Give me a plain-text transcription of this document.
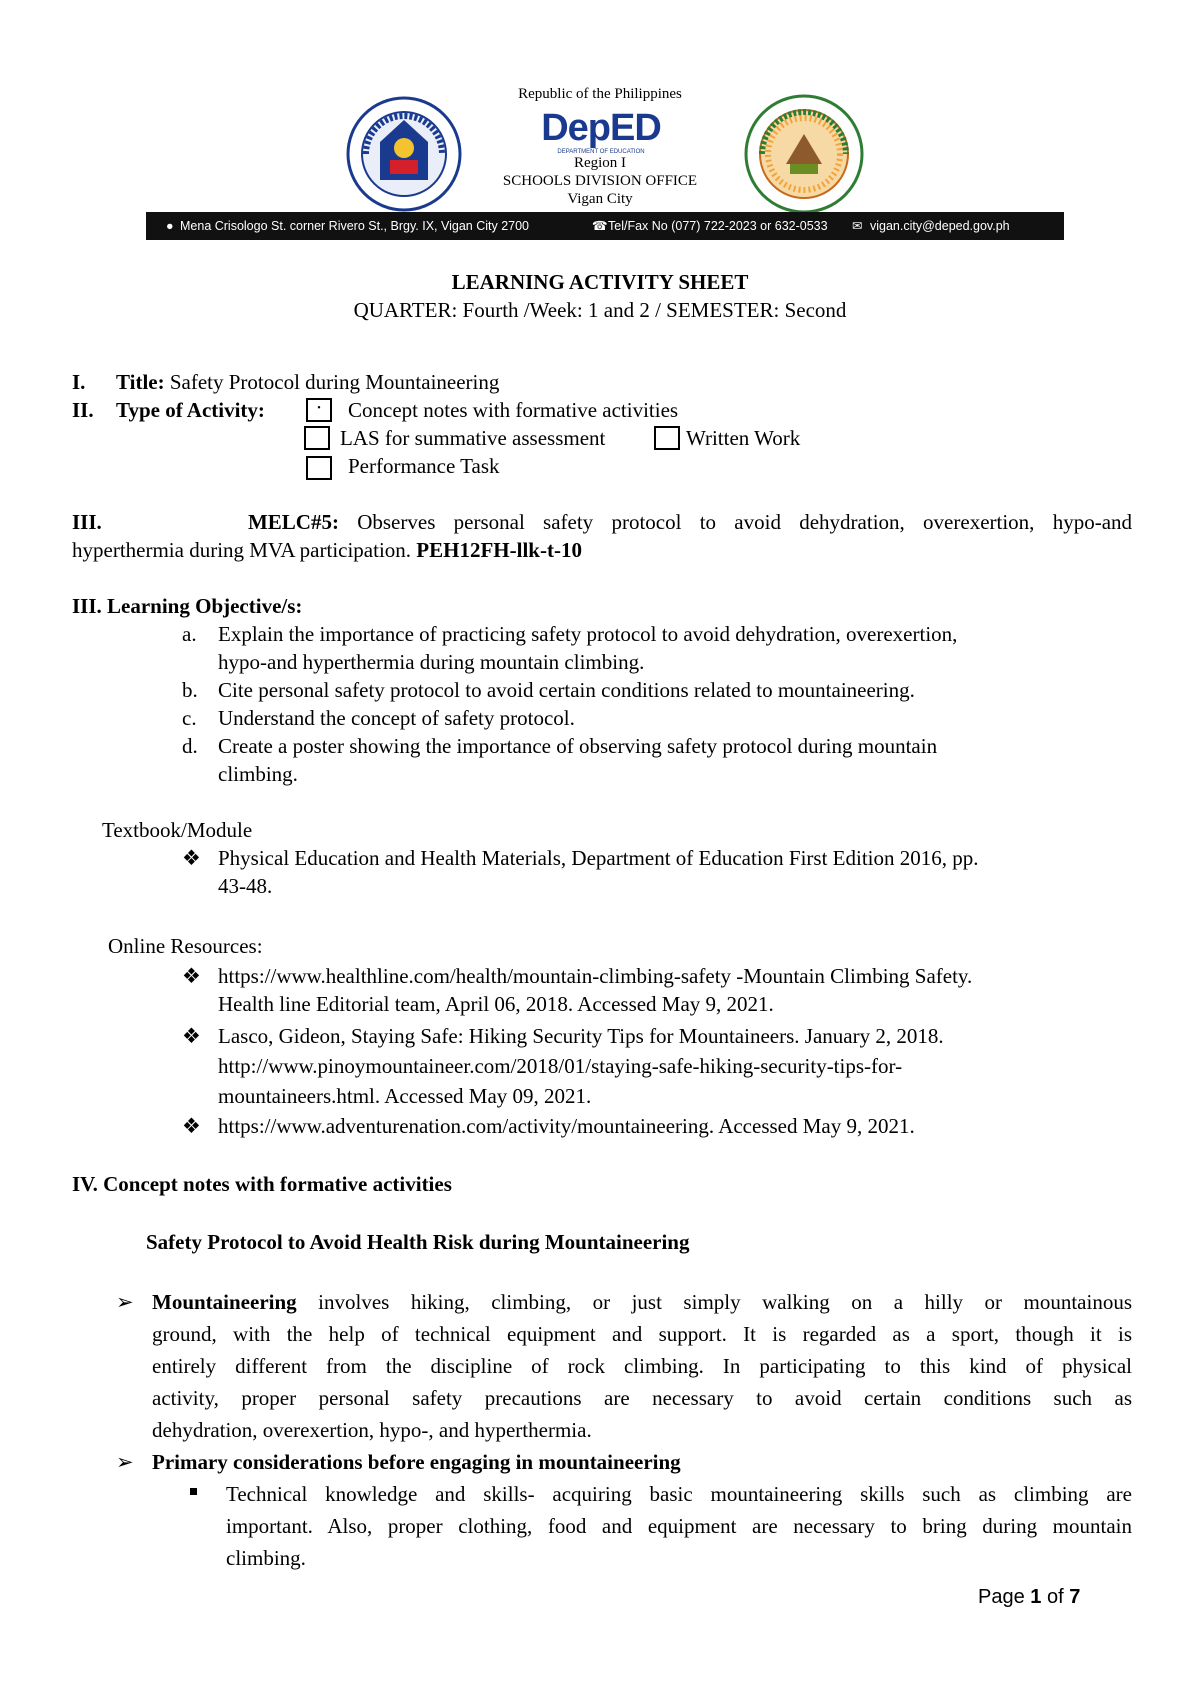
Republic of the Philippines
DepED
DEPARTMENT OF EDUCATION
Region I
SCHOOLS DIVISION OFFICE
Vigan City
● Mena Crisologo St. corner Rivero St., Brgy. IX, Vigan City 2700	☎ Tel/Fax No (077) 722-2023 or 632-0533 ✉ vigan.city@deped.gov.ph
LEARNING ACTIVITY SHEET
QUARTER: Fourth /Week: 1 and 2 / SEMESTER: Second
I. Title: Safety Protocol during Mountaineering
II. Type of Activity:	•	Concept notes with formative activities
LAS for summative assessment	Written Work
Performance Task
III.	MELC#5: Observes personal safety protocol to avoid dehydration, overexertion, hypo-and
hyperthermia during MVA participation. PEH12FH-llk-t-10
III. Learning Objective/s:
a. Explain the importance of practicing safety protocol to avoid dehydration, overexertion,
hypo-and hyperthermia during mountain climbing.
b. Cite personal safety protocol to avoid certain conditions related to mountaineering.
c. Understand the concept of safety protocol.
d. Create a poster showing the importance of observing safety protocol during mountain
climbing.
Textbook/Module
❖ Physical Education and Health Materials, Department of Education First Edition 2016, pp.
43-48.
Online Resources:
❖ https://www.healthline.com/health/mountain-climbing-safety -Mountain Climbing Safety.
Health line Editorial team, April 06, 2018. Accessed May 9, 2021.
❖ Lasco, Gideon, Staying Safe: Hiking Security Tips for Mountaineers. January 2, 2018.
http://www.pinoymountaineer.com/2018/01/staying-safe-hiking-security-tips-for-
mountaineers.html. Accessed May 09, 2021.
❖ https://www.adventurenation.com/activity/mountaineering. Accessed May 9, 2021.
IV. Concept notes with formative activities
Safety Protocol to Avoid Health Risk during Mountaineering
➢ Mountaineering involves hiking, climbing, or just simply walking on a hilly or mountainous
ground, with the help of technical equipment and support. It is regarded as a sport, though it is
entirely different from the discipline of rock climbing. In participating to this kind of physical
activity, proper personal safety precautions are necessary to avoid certain conditions such as
dehydration, overexertion, hypo-, and hyperthermia.
➢ Primary considerations before engaging in mountaineering
Technical knowledge and skills- acquiring basic mountaineering skills such as climbing are
important. Also, proper clothing, food and equipment are necessary to bring during mountain
climbing.
Page 1 of 7
